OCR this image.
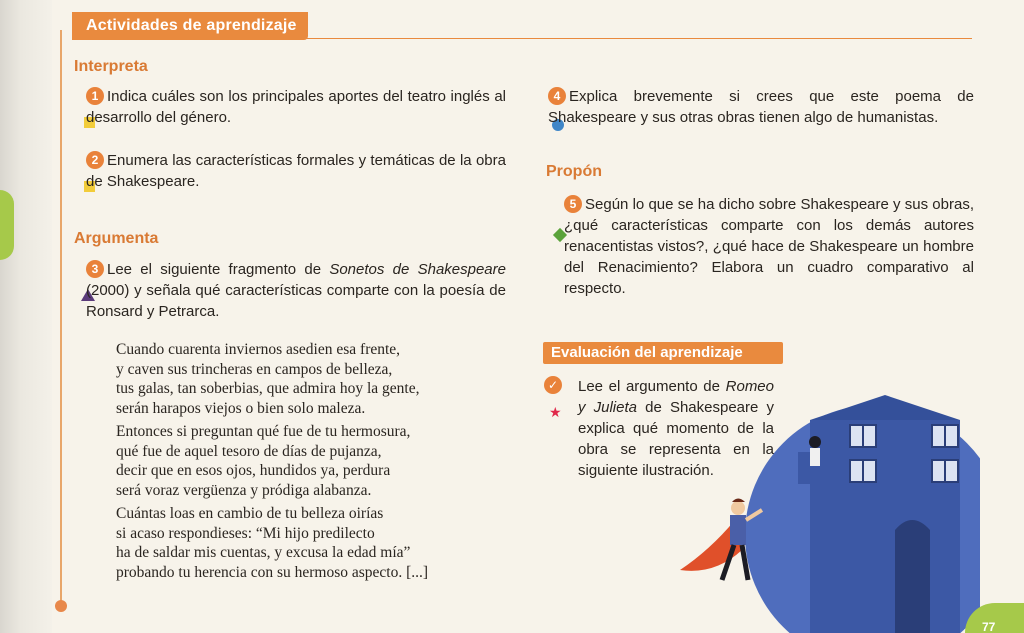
Actividades de aprendizaje
Interpreta
1 Indica cuáles son los principales aportes del teatro inglés al desarrollo del género.
2 Enumera las características formales y temáticas de la obra de Shakespeare.
Argumenta
3 Lee el siguiente fragmento de Sonetos de Shakespeare (2000) y señala qué características comparte con la poesía de Ronsard y Petrarca.
Cuando cuarenta inviernos asedien esa frente,
y caven sus trincheras en campos de belleza,
tus galas, tan soberbias, que admira hoy la gente,
serán harapos viejos o bien solo maleza.
Entonces si preguntan qué fue de tu hermosura,
qué fue de aquel tesoro de días de pujanza,
decir que en esos ojos, hundidos ya, perdura
será voraz vergüenza y pródiga alabanza.
Cuántas loas en cambio de tu belleza oirías
si acaso respondieses: “Mi hijo predilecto
ha de saldar mis cuentas, y excusa la edad mía”
probando tu herencia con su hermoso aspecto. [...]
4 Explica brevemente si crees que este poema de Shakespeare y sus otras obras tienen algo de humanistas.
Propón
5 Según lo que se ha dicho sobre Shakespeare y sus obras, ¿qué características comparte con los demás autores renacentistas vistos?, ¿qué hace de Shakespeare un hombre del Renacimiento? Elabora un cuadro comparativo al respecto.
Evaluación del aprendizaje
✓
★
Lee el argumento de Romeo y Julieta de Shakespeare y explica qué momento de la obra se representa en la siguiente ilustración.
77
